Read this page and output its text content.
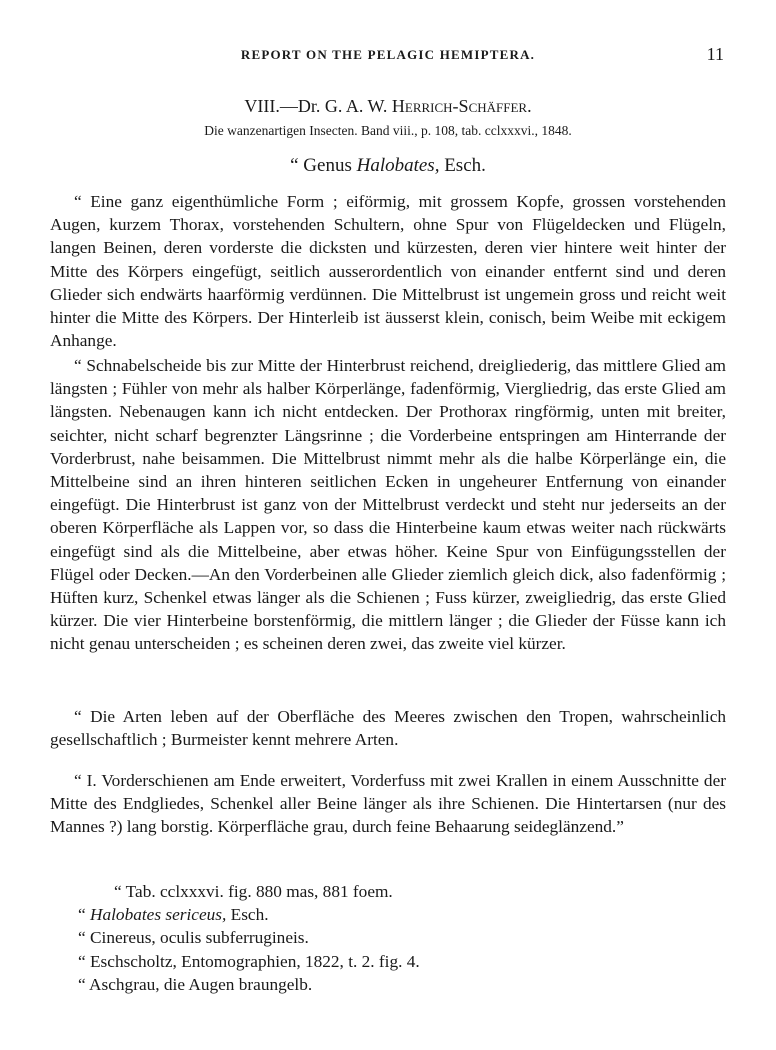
REPORT ON THE PELAGIC HEMIPTERA.	11
VIII.—Dr. G. A. W. Herrich-Schäffer.
Die wanzenartigen Insecten. Band viii., p. 108, tab. cclxxxvi., 1848.
“ Genus Halobates, Esch.

“ Eine ganz eigenthümliche Form ; eiförmig, mit grossem Kopfe, grossen vorstehenden Augen, kurzem Thorax, vorstehenden Schultern, ohne Spur von Flügeldecken und Flügeln, langen Beinen, deren vorderste die dicksten und kürzesten, deren vier hintere weit hinter der Mitte des Körpers eingefügt, seitlich ausserordentlich von einander entfernt sind und deren Glieder sich endwärts haarförmig verdünnen. Die Mittelbrust ist ungemein gross und reicht weit hinter die Mitte des Körpers. Der Hinterleib ist äusserst klein, conisch, beim Weibe mit eckigem Anhange.

“ Schnabelscheide bis zur Mitte der Hinterbrust reichend, dreigliederig, das mittlere Glied am längsten ; Fühler von mehr als halber Körperlänge, fadenförmig, Viergliedrig, das erste Glied am längsten. Nebenaugen kann ich nicht entdecken. Der Prothorax ringförmig, unten mit breiter, seichter, nicht scharf begrenzter Längsrinne ; die Vorderbeine entspringen am Hinterrande der Vorderbrust, nahe beisammen. Die Mittelbrust nimmt mehr als die halbe Körperlänge ein, die Mittelbeine sind an ihren hinteren seitlichen Ecken in ungeheurer Entfernung von einander eingefügt. Die Hinterbrust ist ganz von der Mittelbrust verdeckt und steht nur jederseits an der oberen Körperfläche als Lappen vor, so dass die Hinterbeine kaum etwas weiter nach rückwärts eingefügt sind als die Mittelbeine, aber etwas höher. Keine Spur von Einfügungsstellen der Flügel oder Decken.—An den Vorderbeinen alle Glieder ziemlich gleich dick, also fadenförmig ; Hüften kurz, Schenkel etwas länger als die Schienen ; Fuss kürzer, zweigliedrig, das erste Glied kürzer. Die vier Hinterbeine borstenförmig, die mittlern länger ; die Glieder der Füsse kann ich nicht genau unterscheiden ; es scheinen deren zwei, das zweite viel kürzer.

“ Die Arten leben auf der Oberfläche des Meeres zwischen den Tropen, wahrscheinlich gesellschaftlich ; Burmeister kennt mehrere Arten.

“ I. Vorderschienen am Ende erweitert, Vorderfuss mit zwei Krallen in einem Ausschnitte der Mitte des Endgliedes, Schenkel aller Beine länger als ihre Schienen. Die Hintertarsen (nur des Mannes ?) lang borstig. Körperfläche grau, durch feine Behaarung seideglänzend.”

“ Tab. cclxxxvi. fig. 880 mas, 881 foem.
“ Halobates sericeus, Esch.
“ Cinereus, oculis subferrugineis.
“ Eschscholtz, Entomographien, 1822, t. 2. fig. 4.
“ Aschgrau, die Augen braungelb.
